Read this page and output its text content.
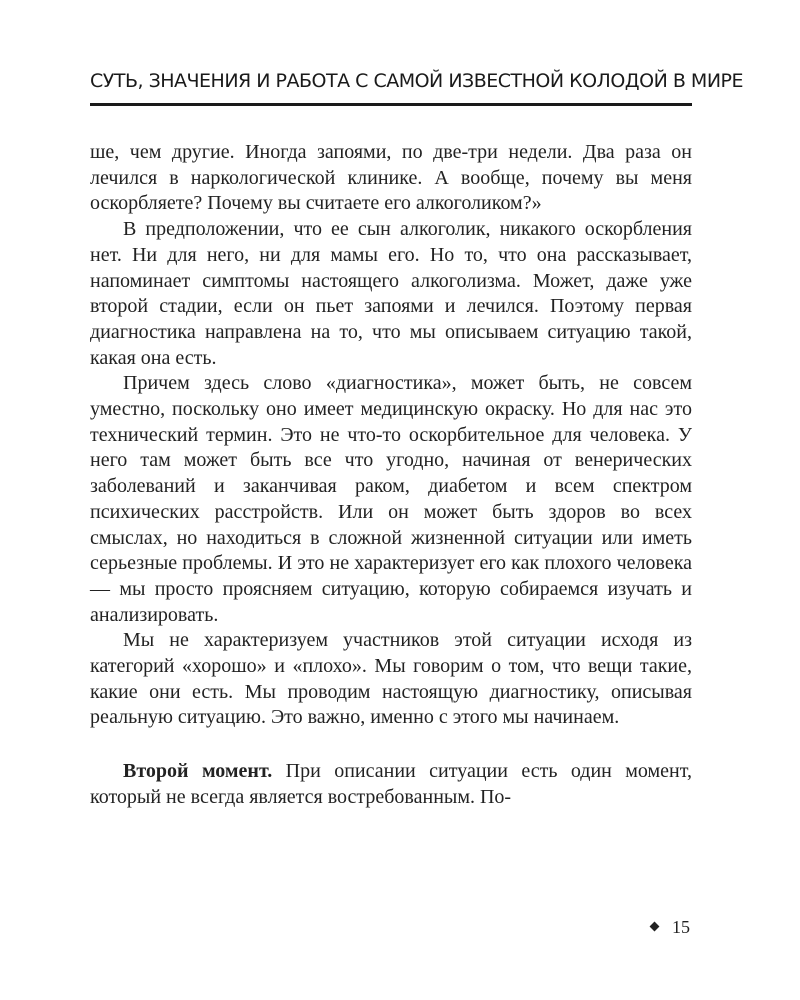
СУТЬ, ЗНАЧЕНИЯ И РАБОТА С САМОЙ ИЗВЕСТНОЙ КОЛОДОЙ В МИРЕ

ше, чем другие. Иногда запоями, по две-три недели. Два раза он лечился в наркологической клинике. А вообще, почему вы меня оскорбляете? Почему вы считаете его алкоголиком?»

В предположении, что ее сын алкоголик, никакого оскорбления нет. Ни для него, ни для мамы его. Но то, что она рассказывает, напоминает симптомы настоящего алкоголизма. Может, даже уже второй стадии, если он пьет запоями и лечился. Поэтому первая диагностика направлена на то, что мы описываем ситуацию такой, какая она есть.

Причем здесь слово «диагностика», может быть, не совсем уместно, поскольку оно имеет медицинскую окраску. Но для нас это технический термин. Это не что-то оскорбительное для человека. У него там может быть все что угодно, начиная от венерических заболеваний и заканчивая раком, диабетом и всем спектром психических расстройств. Или он может быть здоров во всех смыслах, но находиться в сложной жизненной ситуации или иметь серьезные проблемы. И это не характеризует его как плохого человека — мы просто проясняем ситуацию, которую собираемся изучать и анализировать.

Мы не характеризуем участников этой ситуации исходя из категорий «хорошо» и «плохо». Мы говорим о том, что вещи такие, какие они есть. Мы проводим настоящую диагностику, описывая реальную ситуацию. Это важно, именно с этого мы начинаем.

Второй момент. При описании ситуации есть один момент, который не всегда является востребованным. По-

15
